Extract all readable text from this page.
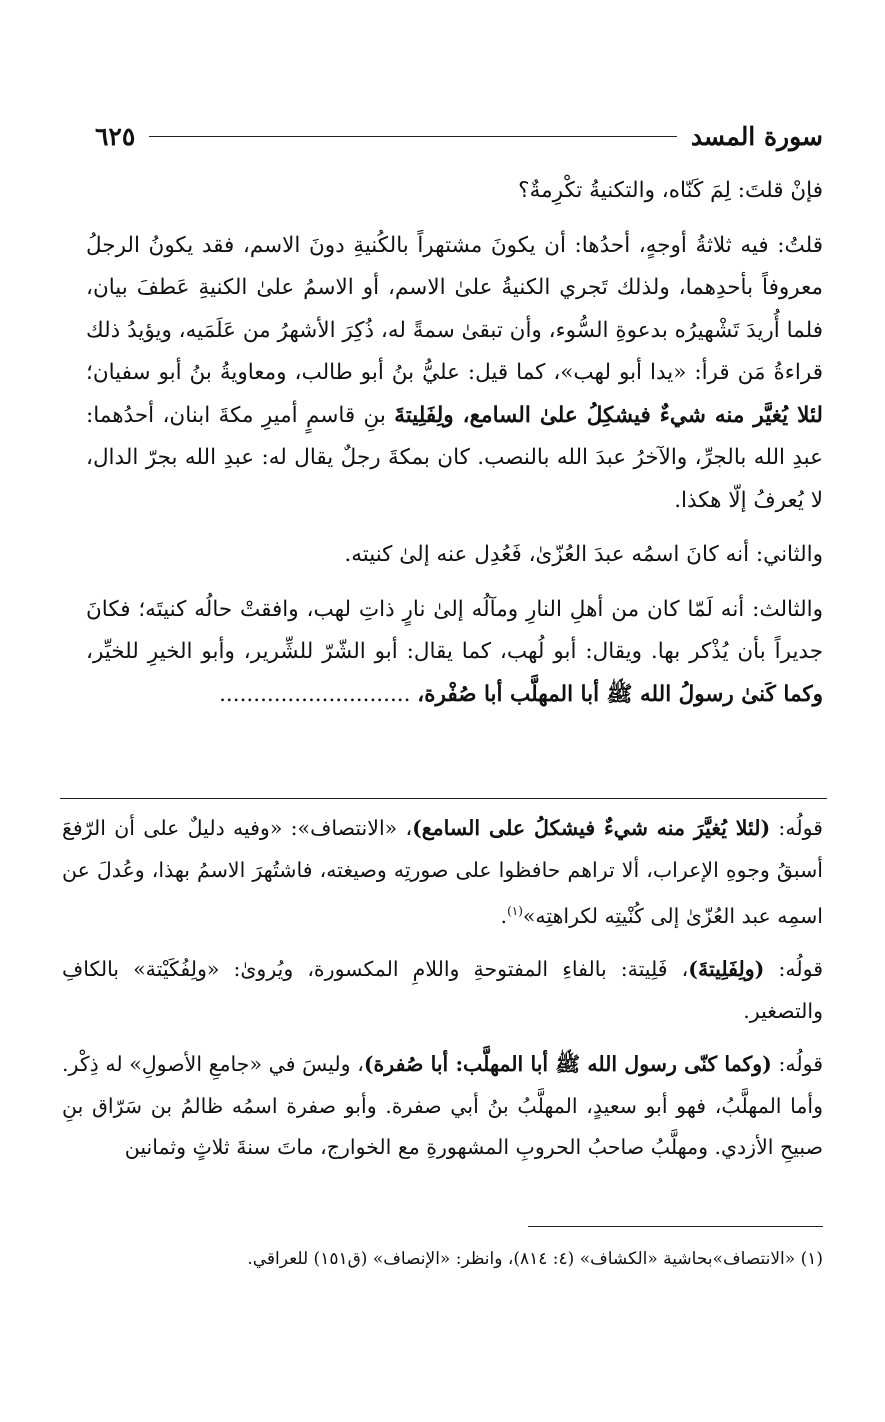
سورة المسد
٦٢٥

فإنْ قلتَ: لِمَ كَنّاه، والتكنيةُ تكْرِمةٌ؟

قلتُ: فيه ثلاثةُ أوجهٍ، أحدُها: أن يكونَ مشتهراً بالكُنيةِ دونَ الاسم، فقد يكونُ الرجلُ معروفاً بأحدِهما، ولذلك تَجري الكنيةُ علىٰ الاسم، أو الاسمُ علىٰ الكنيةِ عَطفَ بيان، فلما أُريدَ تَشْهيرُه بدعوةِ السُّوء، وأن تبقىٰ سمةً له، ذُكِرَ الأشهرُ من عَلَمَيه، ويؤيدُ ذلك قراءةُ مَن قرأ: «يدا أبو لهب»، كما قيل: عليُّ بنُ أبو طالب، ومعاويةُ بنُ أبو سفيان؛ لئلا يُغيَّر منه شيءٌ فيشكِلُ علىٰ السامع، ولِفَلِيتةَ بنِ قاسمٍ أميرِ مكةَ ابنان، أحدُهما: عبدِ الله بالجرِّ، والآخرُ عبدَ الله بالنصب. كان بمكةَ رجلٌ يقال له: عبدِ الله بجرّ الدال، لا يُعرفُ إلّا هكذا.

والثاني: أنه كانَ اسمُه عبدَ العُزّىٰ، فَعُدِل عنه إلىٰ كنيته.

والثالث: أنه لَمّا كان من أهلِ النارِ ومآلُه إلىٰ نارٍ ذاتِ لهب، وافقتْ حالُه كنيتَه؛ فكانَ جديراً بأن يُذْكر بها. ويقال: أبو لُهب، كما يقال: أبو الشّرّ للشِّرير، وأبو الخيرِ للخيِّر، وكما كَنىٰ رسولُ الله ﷺ أبا المهلَّب أبا صُفْرة، ............................

قولُه: (لئلا يُغيَّرَ منه شيءٌ فيشكلُ على السامع)، «الانتصاف»: «وفيه دليلٌ على أن الرّفعَ أسبقُ وجوهِ الإعراب، ألا تراهم حافظوا على صورتِه وصيغته، فاشتُهرَ الاسمُ بهذا، وعُدلَ عن اسمِه عبد العُزّىٰ إلى كُنْيتِه لكراهتِه»$^{(١)}$.

قولُه: (ولِفَلِيتةَ)، فَلِيتة: بالفاءِ المفتوحةِ واللامِ المكسورة، ويُروىٰ: «ولِفُكَيْتة» بالكافِ والتصغير.

قولُه: (وكما كنّى رسول الله ﷺ أبا المهلَّب: أبا صُفرة)، وليسَ في «جامعِ الأصولِ» له ذِكْر. وأما المهلَّبُ، فهو أبو سعيدٍ، المهلَّبُ بنُ أبي صفرة. وأبو صفرة اسمُه ظالمُ بن سَرّاق بنِ صبيحِ الأزدي. ومهلَّبُ صاحبُ الحروبِ المشهورةِ مع الخوارج، ماتَ سنةَ ثلاثٍ وثمانين

(١) «الانتصاف»بحاشية «الكشاف» (٤: ٨١٤)، وانظر: «الإنصاف» (ق١٥١) للعراقي.
